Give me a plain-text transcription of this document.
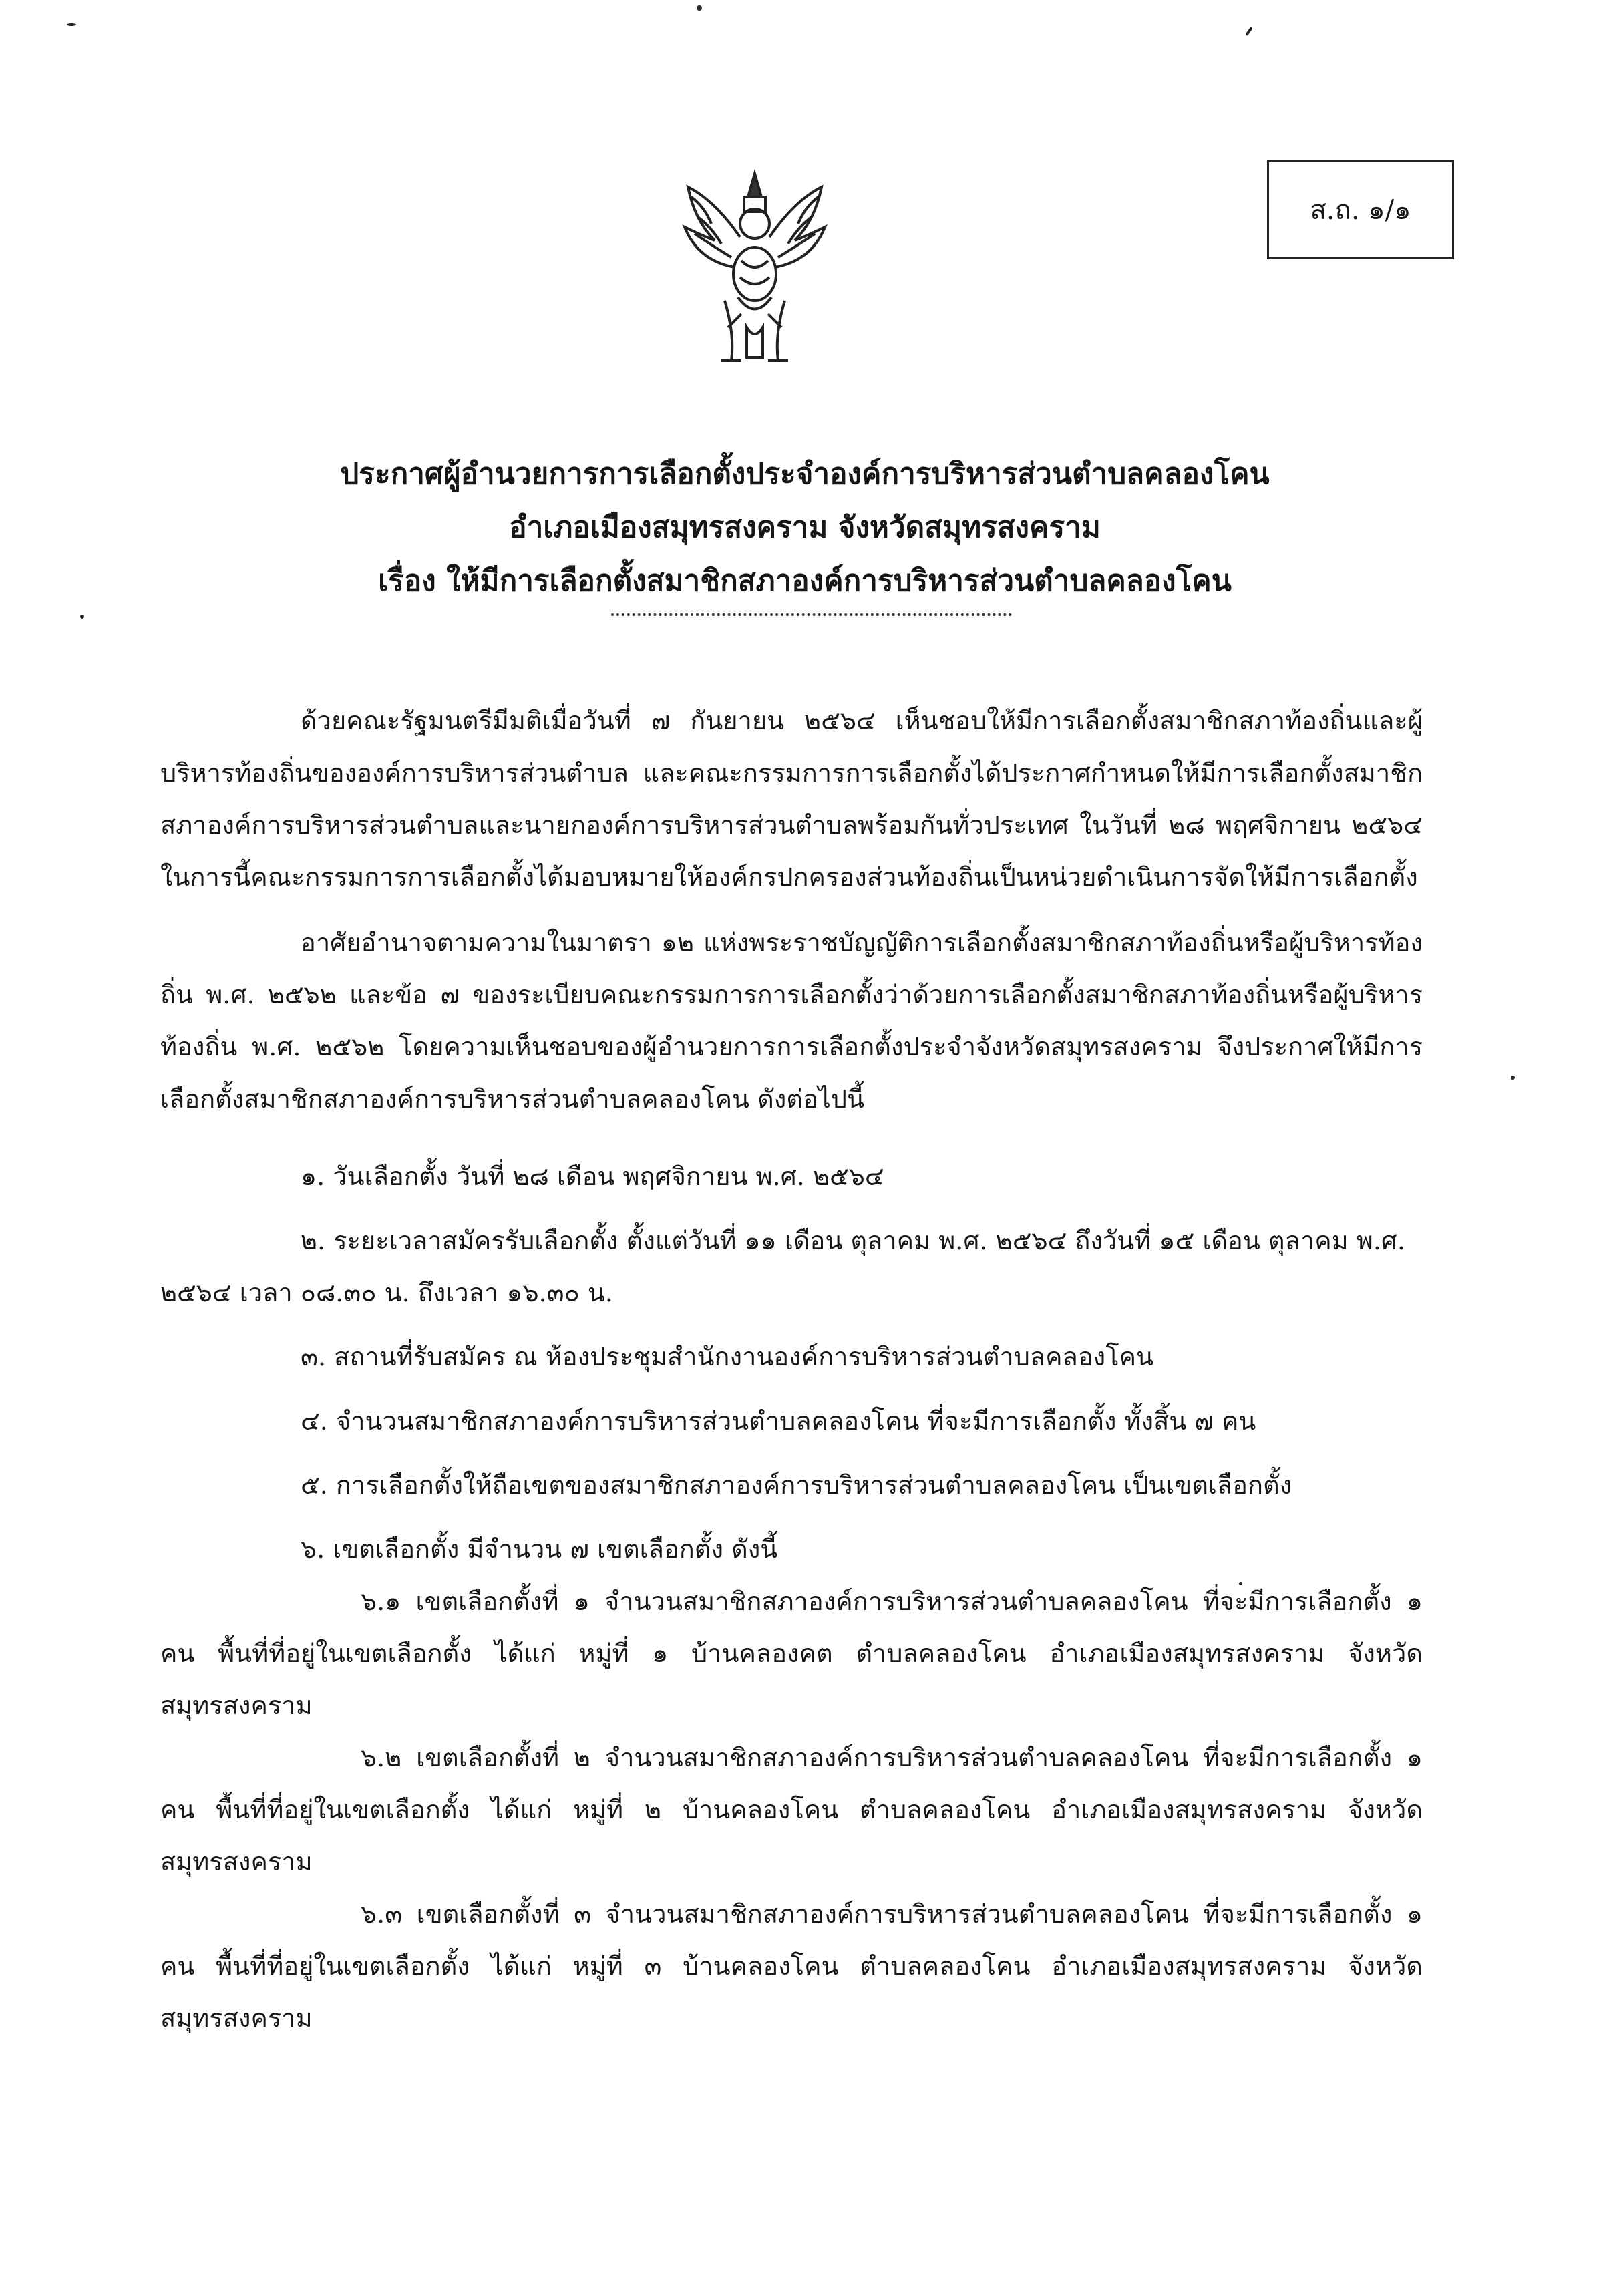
ส.ถ. ๑/๑
ประกาศผู้อำนวยการการเลือกตั้งประจำองค์การบริหารส่วนตำบลคลองโคน
อำเภอเมืองสมุทรสงคราม จังหวัดสมุทรสงคราม
เรื่อง ให้มีการเลือกตั้งสมาชิกสภาองค์การบริหารส่วนตำบลคลองโคน

ด้วยคณะรัฐมนตรีมีมติเมื่อวันที่ ๗ กันยายน ๒๕๖๔ เห็นชอบให้มีการเลือกตั้งสมาชิกสภาท้องถิ่นและผู้บริหารท้องถิ่นขององค์การบริหารส่วนตำบล และคณะกรรมการการเลือกตั้งได้ประกาศกำหนดให้มีการเลือกตั้งสมาชิกสภาองค์การบริหารส่วนตำบลและนายกองค์การบริหารส่วนตำบลพร้อมกันทั่วประเทศ ในวันที่ ๒๘ พฤศจิกายน ๒๕๖๔ ในการนี้คณะกรรมการการเลือกตั้งได้มอบหมายให้องค์กรปกครองส่วนท้องถิ่นเป็นหน่วยดำเนินการจัดให้มีการเลือกตั้ง

อาศัยอำนาจตามความในมาตรา ๑๒ แห่งพระราชบัญญัติการเลือกตั้งสมาชิกสภาท้องถิ่นหรือผู้บริหารท้องถิ่น พ.ศ. ๒๕๖๒ และข้อ ๗ ของระเบียบคณะกรรมการการเลือกตั้งว่าด้วยการเลือกตั้งสมาชิกสภาท้องถิ่นหรือผู้บริหารท้องถิ่น พ.ศ. ๒๕๖๒ โดยความเห็นชอบของผู้อำนวยการการเลือกตั้งประจำจังหวัดสมุทรสงคราม จึงประกาศให้มีการเลือกตั้งสมาชิกสภาองค์การบริหารส่วนตำบลคลองโคน ดังต่อไปนี้

๑. วันเลือกตั้ง วันที่ ๒๘ เดือน พฤศจิกายน พ.ศ. ๒๕๖๔

๒. ระยะเวลาสมัครรับเลือกตั้ง ตั้งแต่วันที่ ๑๑ เดือน ตุลาคม พ.ศ. ๒๕๖๔ ถึงวันที่ ๑๕ เดือน ตุลาคม พ.ศ. ๒๕๖๔ เวลา ๐๘.๓๐ น. ถึงเวลา ๑๖.๓๐ น.

๓. สถานที่รับสมัคร ณ ห้องประชุมสำนักงานองค์การบริหารส่วนตำบลคลองโคน

๔. จำนวนสมาชิกสภาองค์การบริหารส่วนตำบลคลองโคน ที่จะมีการเลือกตั้ง ทั้งสิ้น ๗ คน

๕. การเลือกตั้งให้ถือเขตของสมาชิกสภาองค์การบริหารส่วนตำบลคลองโคน เป็นเขตเลือกตั้ง

๖. เขตเลือกตั้ง มีจำนวน ๗ เขตเลือกตั้ง ดังนี้

๖.๑ เขตเลือกตั้งที่ ๑ จำนวนสมาชิกสภาองค์การบริหารส่วนตำบลคลองโคน ที่จะมีการเลือกตั้ง ๑ คน พื้นที่ที่อยู่ในเขตเลือกตั้ง ได้แก่ หมู่ที่ ๑ บ้านคลองคต ตำบลคลองโคน อำเภอเมืองสมุทรสงคราม จังหวัดสมุทรสงคราม

๖.๒ เขตเลือกตั้งที่ ๒ จำนวนสมาชิกสภาองค์การบริหารส่วนตำบลคลองโคน ที่จะมีการเลือกตั้ง ๑ คน พื้นที่ที่อยู่ในเขตเลือกตั้ง ได้แก่ หมู่ที่ ๒ บ้านคลองโคน ตำบลคลองโคน อำเภอเมืองสมุทรสงคราม จังหวัดสมุทรสงคราม

๖.๓ เขตเลือกตั้งที่ ๓ จำนวนสมาชิกสภาองค์การบริหารส่วนตำบลคลองโคน ที่จะมีการเลือกตั้ง ๑ คน พื้นที่ที่อยู่ในเขตเลือกตั้ง ได้แก่ หมู่ที่ ๓ บ้านคลองโคน ตำบลคลองโคน อำเภอเมืองสมุทรสงคราม จังหวัดสมุทรสงคราม
